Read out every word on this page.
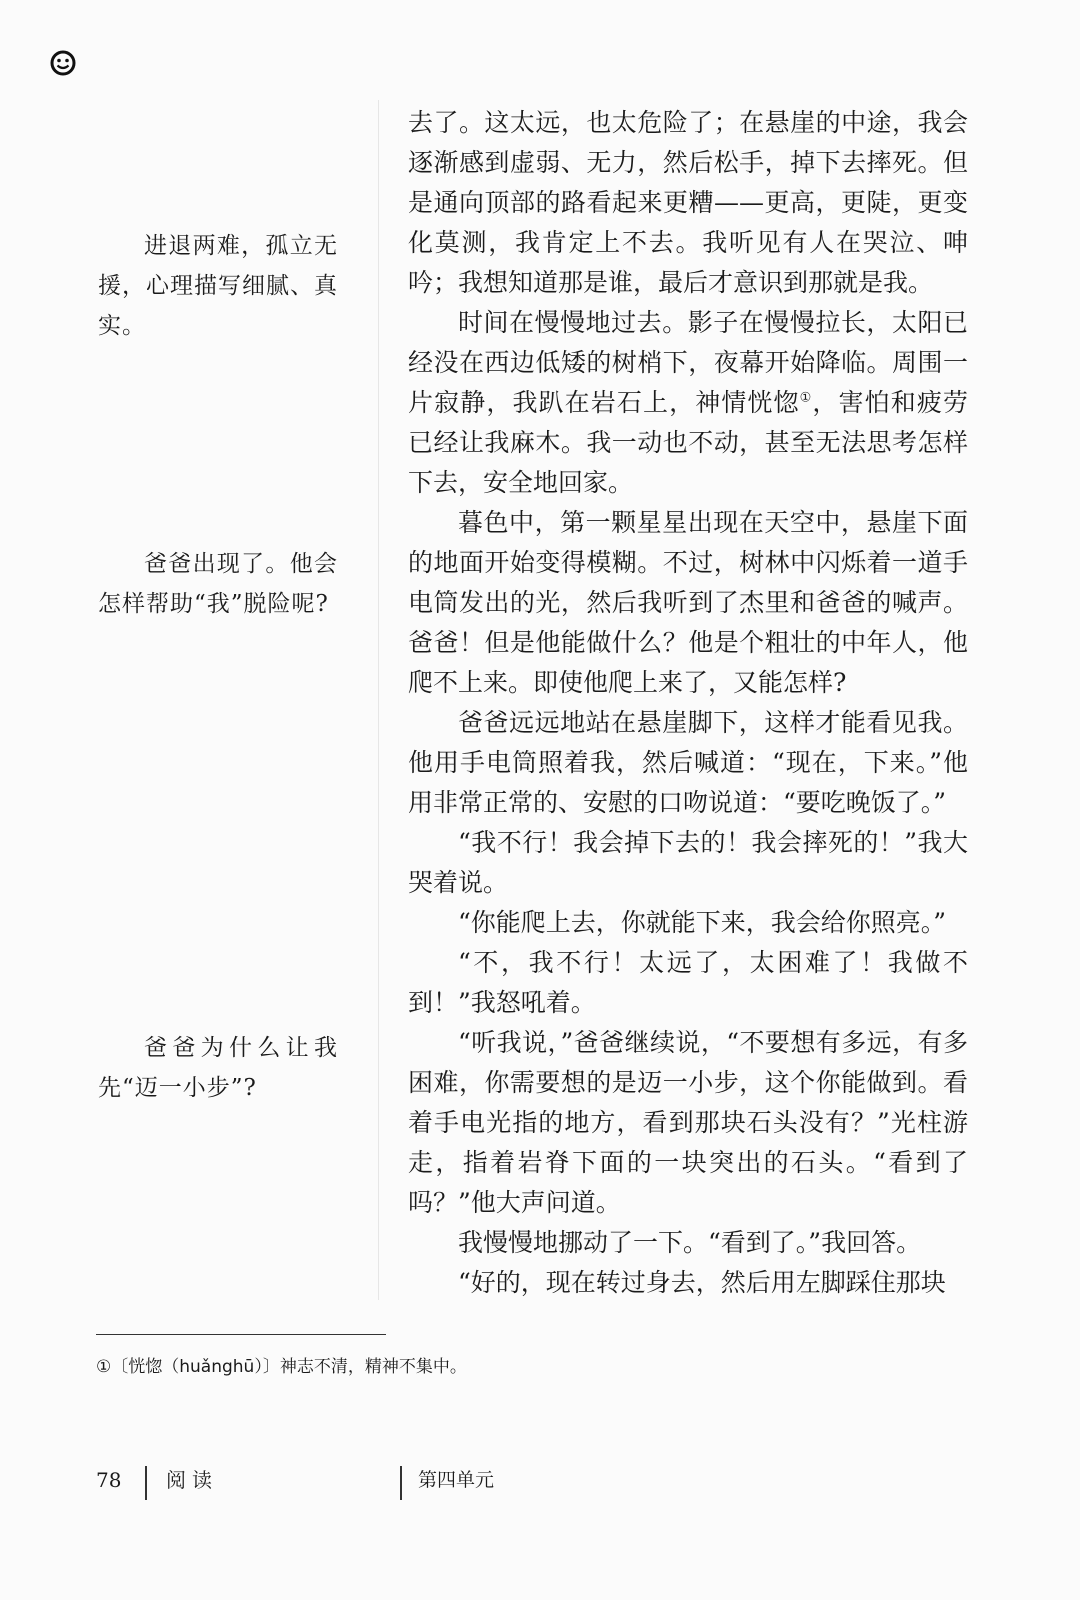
进退两难，孤立无援，心理描写细腻、真实。
爸爸出现了。他会怎样帮助“我”脱险呢?
爸爸为什么让我先“迈一小步”?

去了。这太远，也太危险了；在悬崖的中途，我会逐渐感到虚弱、无力，然后松手，掉下去摔死。但是通向顶部的路看起来更糟——更高，更陡，更变化莫测，我肯定上不去。我听见有人在哭泣、呻吟；我想知道那是谁，最后才意识到那就是我。

时间在慢慢地过去。影子在慢慢拉长，太阳已经没在西边低矮的树梢下，夜幕开始降临。周围一片寂静，我趴在岩石上，神情恍惚①，害怕和疲劳已经让我麻木。我一动也不动，甚至无法思考怎样下去，安全地回家。

暮色中，第一颗星星出现在天空中，悬崖下面的地面开始变得模糊。不过，树林中闪烁着一道手电筒发出的光，然后我听到了杰里和爸爸的喊声。爸爸！但是他能做什么？他是个粗壮的中年人，他爬不上来。即使他爬上来了，又能怎样?

爸爸远远地站在悬崖脚下，这样才能看见我。他用手电筒照着我，然后喊道：“现在，下来。”他用非常正常的、安慰的口吻说道：“要吃晚饭了。”

“我不行！我会掉下去的！我会摔死的！”我大哭着说。

“你能爬上去，你就能下来，我会给你照亮。”

“不，我不行！太远了，太困难了！我做不到！”我怒吼着。

“听我说，”爸爸继续说，“不要想有多远，有多困难，你需要想的是迈一小步，这个你能做到。看着手电光指的地方，看到那块石头没有？”光柱游走，指着岩脊下面的一块突出的石头。“看到了吗？”他大声问道。

我慢慢地挪动了一下。“看到了。”我回答。

“好的，现在转过身去，然后用左脚踩住那块

①〔恍惚（huǎnghū）〕神志不清，精神不集中。
78 阅读	第四单元
